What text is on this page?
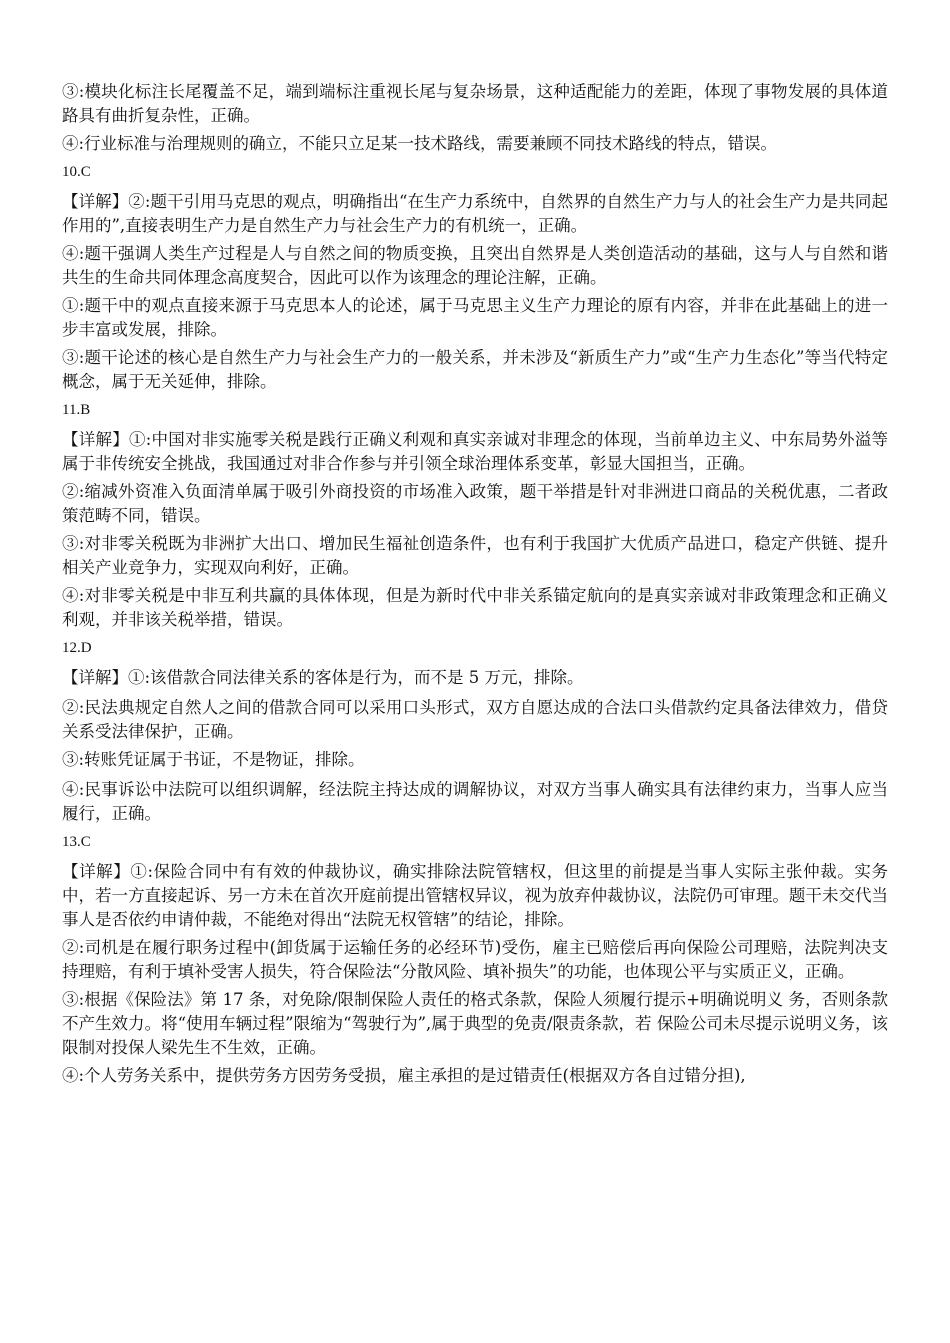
③:模块化标注长尾覆盖不足，端到端标注重视长尾与复杂场景，这种适配能力的差距，体现了事物发展的具体道路具有曲折复杂性，正确。

④:行业标准与治理规则的确立，不能只立足某一技术路线，需要兼顾不同技术路线的特点，错误。

10.C

【详解】②:题干引用马克思的观点，明确指出“在生产力系统中，自然界的自然生产力与人的社会生产力是共同起作用的”,直接表明生产力是自然生产力与社会生产力的有机统一，正确。

④:题干强调人类生产过程是人与自然之间的物质变换，且突出自然界是人类创造活动的基础，这与人与自然和谐共生的生命共同体理念高度契合，因此可以作为该理念的理论注解，正确。

①:题干中的观点直接来源于马克思本人的论述，属于马克思主义生产力理论的原有内容，并非在此基础上的进一步丰富或发展，排除。

③:题干论述的核心是自然生产力与社会生产力的一般关系，并未涉及“新质生产力”或“生产力生态化”等当代特定概念，属于无关延伸，排除。

11.B

【详解】①:中国对非实施零关税是践行正确义利观和真实亲诚对非理念的体现，当前单边主义、中东局势外溢等属于非传统安全挑战，我国通过对非合作参与并引领全球治理体系变革，彰显大国担当，正确。

②:缩减外资准入负面清单属于吸引外商投资的市场准入政策，题干举措是针对非洲进口商品的关税优惠，二者政策范畴不同，错误。

③:对非零关税既为非洲扩大出口、增加民生福祉创造条件，也有利于我国扩大优质产品进口，稳定产供链、提升相关产业竞争力，实现双向利好，正确。

④:对非零关税是中非互利共赢的具体体现，但是为新时代中非关系锚定航向的是真实亲诚对非政策理念和正确义利观，并非该关税举措，错误。

12.D

【详解】①:该借款合同法律关系的客体是行为，而不是 5 万元，排除。

②:民法典规定自然人之间的借款合同可以采用口头形式，双方自愿达成的合法口头借款约定具备法律效力，借贷关系受法律保护，正确。

③:转账凭证属于书证，不是物证，排除。

④:民事诉讼中法院可以组织调解，经法院主持达成的调解协议，对双方当事人确实具有法律约束力，当事人应当履行，正确。

13.C

【详解】①:保险合同中有有效的仲裁协议，确实排除法院管辖权，但这里的前提是当事人实际主张仲裁。实务中，若一方直接起诉、另一方未在首次开庭前提出管辖权异议，视为放弃仲裁协议，法院仍可审理。题干未交代当事人是否依约申请仲裁，不能绝对得出“法院无权管辖”的结论，排除。

②:司机是在履行职务过程中(卸货属于运输任务的必经环节)受伤，雇主已赔偿后再向保险公司理赔，法院判决支持理赔，有利于填补受害人损失，符合保险法“分散风险、填补损失”的功能，也体现公平与实质正义，正确。

③:根据《保险法》第 17 条，对免除/限制保险人责任的格式条款，保险人须履行提示+明确说明义 务，否则条款不产生效力。将“使用车辆过程”限缩为“驾驶行为”,属于典型的免责/限责条款，若 保险公司未尽提示说明义务，该限制对投保人梁先生不生效，正确。

④:个人劳务关系中，提供劳务方因劳务受损，雇主承担的是过错责任(根据双方各自过错分担),
